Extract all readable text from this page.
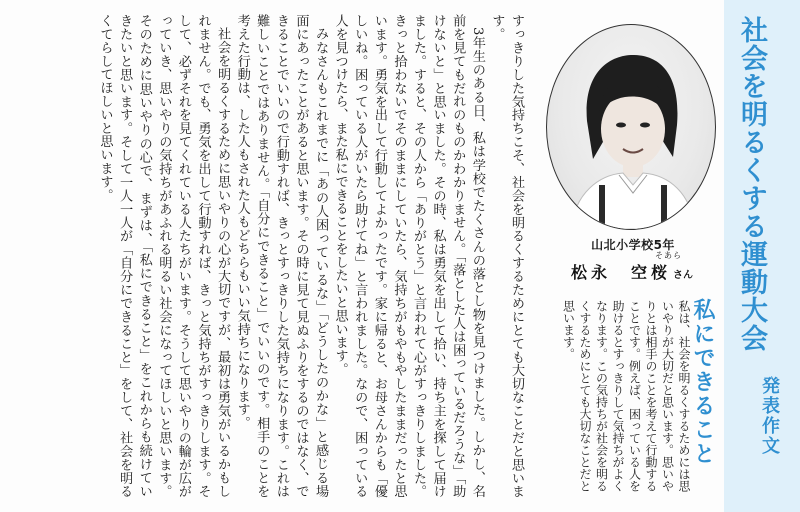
すっきりした気持ちこそ、社会を明るくするためにとても大切なことだと思います。

3年生のある日、私は学校でたくさんの落とし物を見つけました。しかし、名前を見てもだれのものかわかりません。「落とした人は困っているだろうな」「助けないと」と思いました。その時、私は勇気を出して拾い、持ち主を探して届けました。すると、その人から「ありがとう」と言われて心がすっきりしました。きっと拾わないでそのままにしていたら、気持ちがもやもやしたままだったと思います。勇気を出して行動してよかったです。家に帰ると、お母さんからも「優しいね。困っている人がいたら助けてね」と言われました。なので、困っている人を見つけたら、また私にできることをしたいと思います。

みなさんもこれまでに「あの人困っているな」「どうしたのかな」と感じる場面にあったことがあると思います。その時に見て見ぬふりをするのではなく、できることでいいので行動すれば、きっとすっきりした気持ちになります。これは難しいことではありません。「自分にできること」でいいのです。相手のことを考えた行動は、した人もされた人もどちらもいい気持ちになります。

社会を明るくするために思いやりの心が大切ですが、最初は勇気がいるかもしれません。でも、勇気を出して行動すれば、きっと気持ちがすっきりします。そして、必ずそれを見てくれている人たちがいます。そうして思いやりの輪が広がっていき、思いやりの気持ちがあふれる明るい社会になってほしいと思います。そのために思いやりの心で、まずは、「私にできること」をこれからも続けていきたいと思います。そして一人一人が「自分にできること」をして、社会を明るくてらしてほしいと思います。

山北小学校5年
そあら
松永　空桜 さん
私は、社会を明るくするためには思いやりが大切だと思います。思いやりとは相手のことを考えて行動することです。例えば、困っている人を助けるとすっきりして気持ちがよくなります。この気持ちが社会を明るくするためにとても大切なことだと思います。	私にできること
社会を明るくする運動大会
発表作文
